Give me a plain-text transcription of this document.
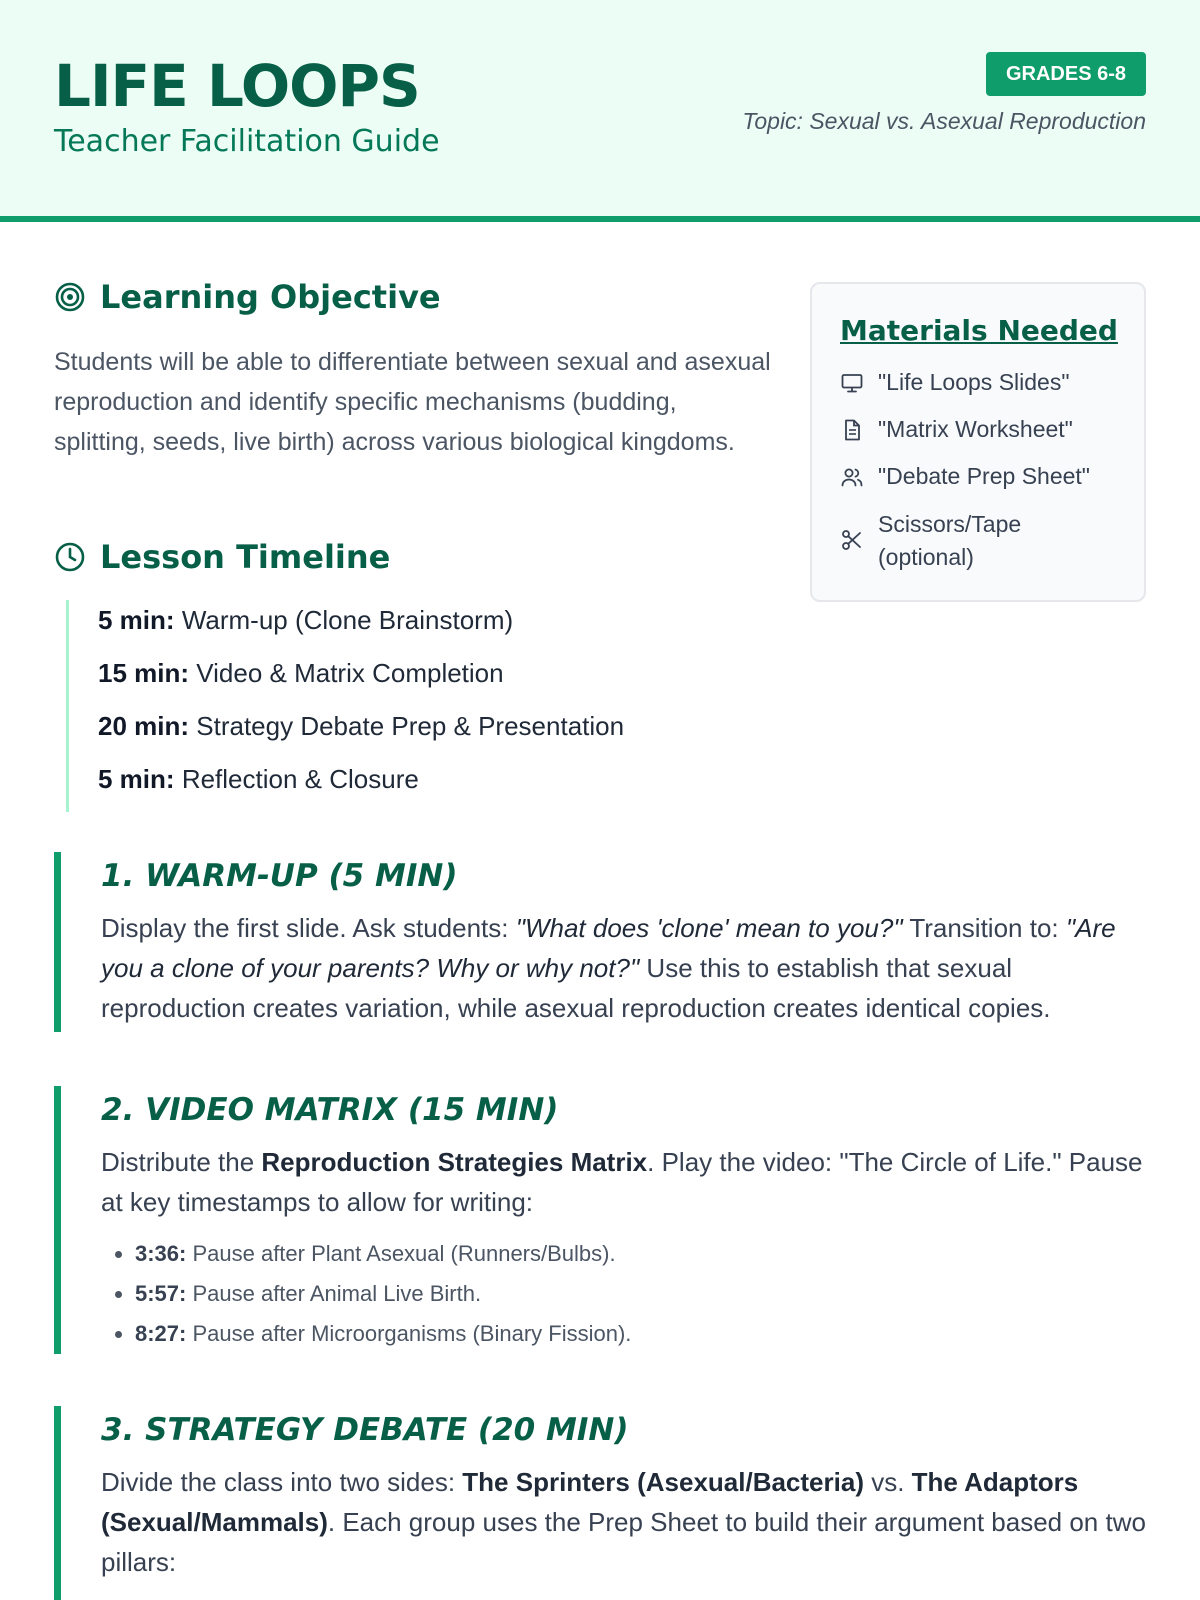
LIFE LOOPS
Teacher Facilitation Guide
GRADES 6-8
Topic: Sexual vs. Asexual Reproduction
Learning Objective
Students will be able to differentiate between sexual and asexual reproduction and identify specific mechanisms (budding, splitting, seeds, live birth) across various biological kingdoms.
Lesson Timeline
5 min: Warm-up (Clone Brainstorm)
15 min: Video & Matrix Completion
20 min: Strategy Debate Prep & Presentation
5 min: Reflection & Closure
Materials Needed
"Life Loops Slides"
"Matrix Worksheet"
"Debate Prep Sheet"
Scissors/Tape
(optional)
1. WARM-UP (5 MIN)
Display the first slide. Ask students: "What does 'clone' mean to you?" Transition to: "Are you a clone of your parents? Why or why not?" Use this to establish that sexual reproduction creates variation, while asexual reproduction creates identical copies.
2. VIDEO MATRIX (15 MIN)
Distribute the Reproduction Strategies Matrix. Play the video: "The Circle of Life." Pause at key timestamps to allow for writing:
• 3:36: Pause after Plant Asexual (Runners/Bulbs).
• 5:57: Pause after Animal Live Birth.
• 8:27: Pause after Microorganisms (Binary Fission).
3. STRATEGY DEBATE (20 MIN)
Divide the class into two sides: The Sprinters (Asexual/Bacteria) vs. The Adaptors (Sexual/Mammals). Each group uses the Prep Sheet to build their argument based on two pillars:
